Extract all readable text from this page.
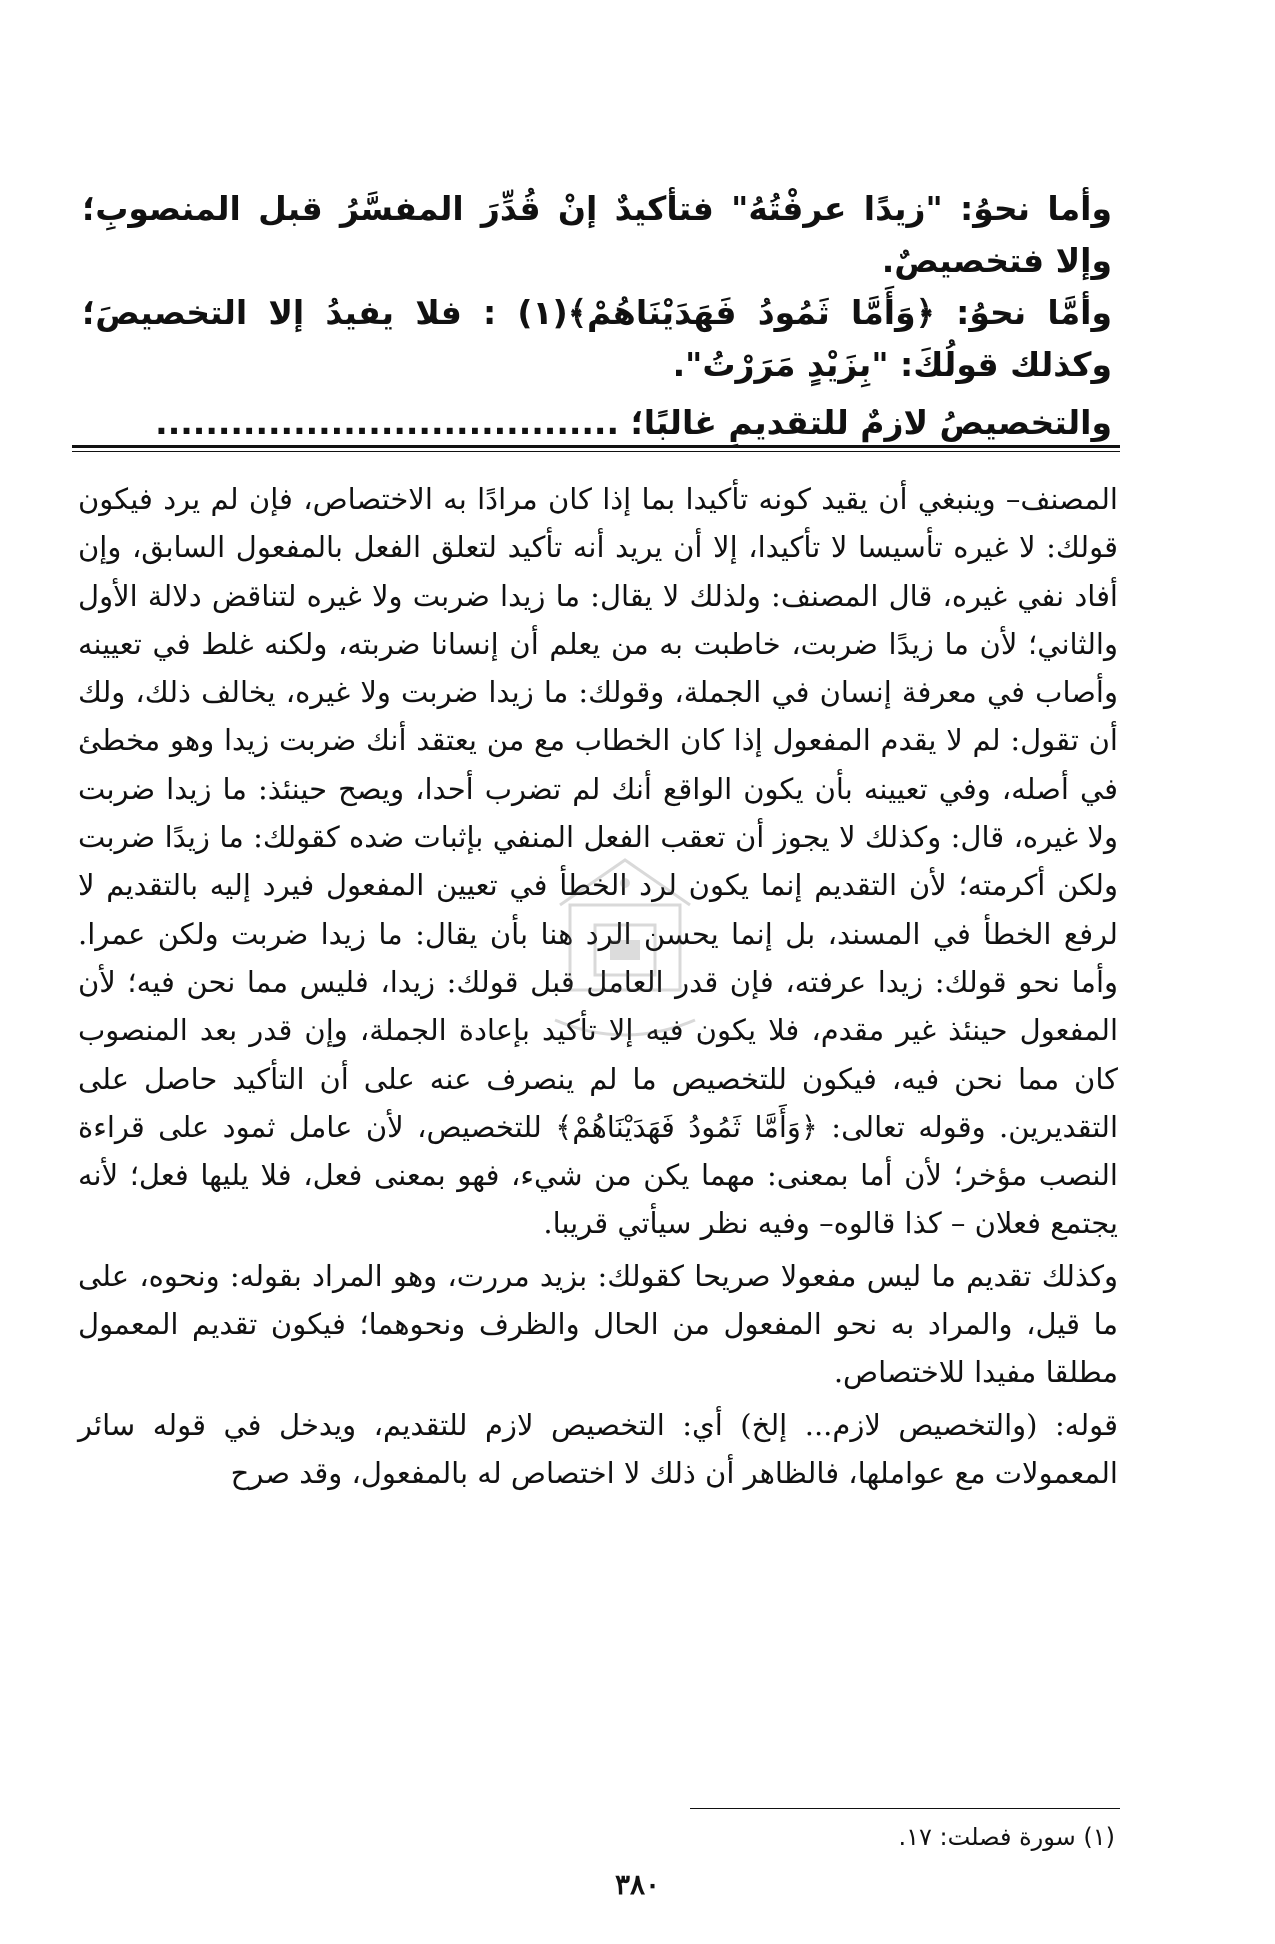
وأما نحوُ: "زيدًا عرفْتُهُ" فتأكيدٌ إنْ قُدِّرَ المفسَّرُ قبل المنصوبِ؛ وإلا فتخصيصٌ.

وأمَّا نحوُ: ﴿وَأَمَّا ثَمُودُ فَهَدَيْنَاهُمْ﴾(١) : فلا يفيدُ إلا التخصيصَ؛ وكذلك قولُكَ: "بِزَيْدٍ مَرَرْتُ".

والتخصيصُ لازمٌ للتقديمِ غالبًا؛ .....................................

المصنف– وينبغي أن يقيد كونه تأكيدا بما إذا كان مرادًا به الاختصاص، فإن لم يرد فيكون قولك: لا غيره تأسيسا لا تأكيدا، إلا أن يريد أنه تأكيد لتعلق الفعل بالمفعول السابق، وإن أفاد نفي غيره، قال المصنف: ولذلك لا يقال: ما زيدا ضربت ولا غيره لتناقض دلالة الأول والثاني؛ لأن ما زيدًا ضربت، خاطبت به من يعلم أن إنسانا ضربته، ولكنه غلط في تعيينه وأصاب في معرفة إنسان في الجملة، وقولك: ما زيدا ضربت ولا غيره، يخالف ذلك، ولك أن تقول: لم لا يقدم المفعول إذا كان الخطاب مع من يعتقد أنك ضربت زيدا وهو مخطئ في أصله، وفي تعيينه بأن يكون الواقع أنك لم تضرب أحدا، ويصح حينئذ: ما زيدا ضربت ولا غيره، قال: وكذلك لا يجوز أن تعقب الفعل المنفي بإثبات ضده كقولك: ما زيدًا ضربت ولكن أكرمته؛ لأن التقديم إنما يكون لرد الخطأ في تعيين المفعول فيرد إليه بالتقديم لا لرفع الخطأ في المسند، بل إنما يحسن الرد هنا بأن يقال: ما زيدا ضربت ولكن عمرا. وأما نحو قولك: زيدا عرفته، فإن قدر العامل قبل قولك: زيدا، فليس مما نحن فيه؛ لأن المفعول حينئذ غير مقدم، فلا يكون فيه إلا تأكيد بإعادة الجملة، وإن قدر بعد المنصوب كان مما نحن فيه، فيكون للتخصيص ما لم ينصرف عنه على أن التأكيد حاصل على التقديرين. وقوله تعالى: ﴿وَأَمَّا ثَمُودُ فَهَدَيْنَاهُمْ﴾ للتخصيص، لأن عامل ثمود على قراءة النصب مؤخر؛ لأن أما بمعنى: مهما يكن من شيء، فهو بمعنى فعل، فلا يليها فعل؛ لأنه يجتمع فعلان – كذا قالوه– وفيه نظر سيأتي قريبا.

وكذلك تقديم ما ليس مفعولا صريحا كقولك: بزيد مررت، وهو المراد بقوله: ونحوه، على ما قيل، والمراد به نحو المفعول من الحال والظرف ونحوهما؛ فيكون تقديم المعمول مطلقا مفيدا للاختصاص.

قوله: (والتخصيص لازم... إلخ) أي: التخصيص لازم للتقديم، ويدخل في قوله سائر المعمولات مع عواملها، فالظاهر أن ذلك لا اختصاص له بالمفعول، وقد صرح

(١) سورة فصلت: ١٧.
٣٨٠
